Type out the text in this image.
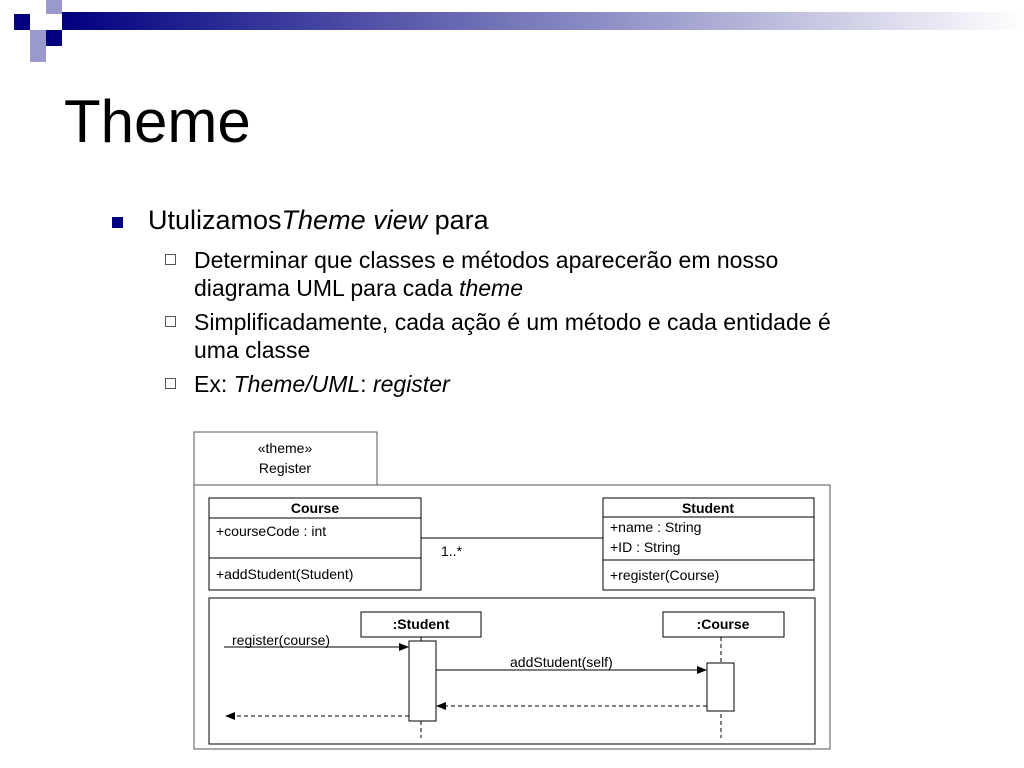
Theme
UtulizamosTheme view para
Determinar que classes e métodos aparecerão em nosso
diagrama UML para cada theme
Simplificadamente, cada ação é um método e cada entidade é
uma classe
Ex: Theme/UML: register
«theme»
Register
Course
+courseCode : int
+addStudent(Student)
1..*
Student
+name : String
+ID : String
+register(Course)
:Student	:Course
register(course)
addStudent(self)
